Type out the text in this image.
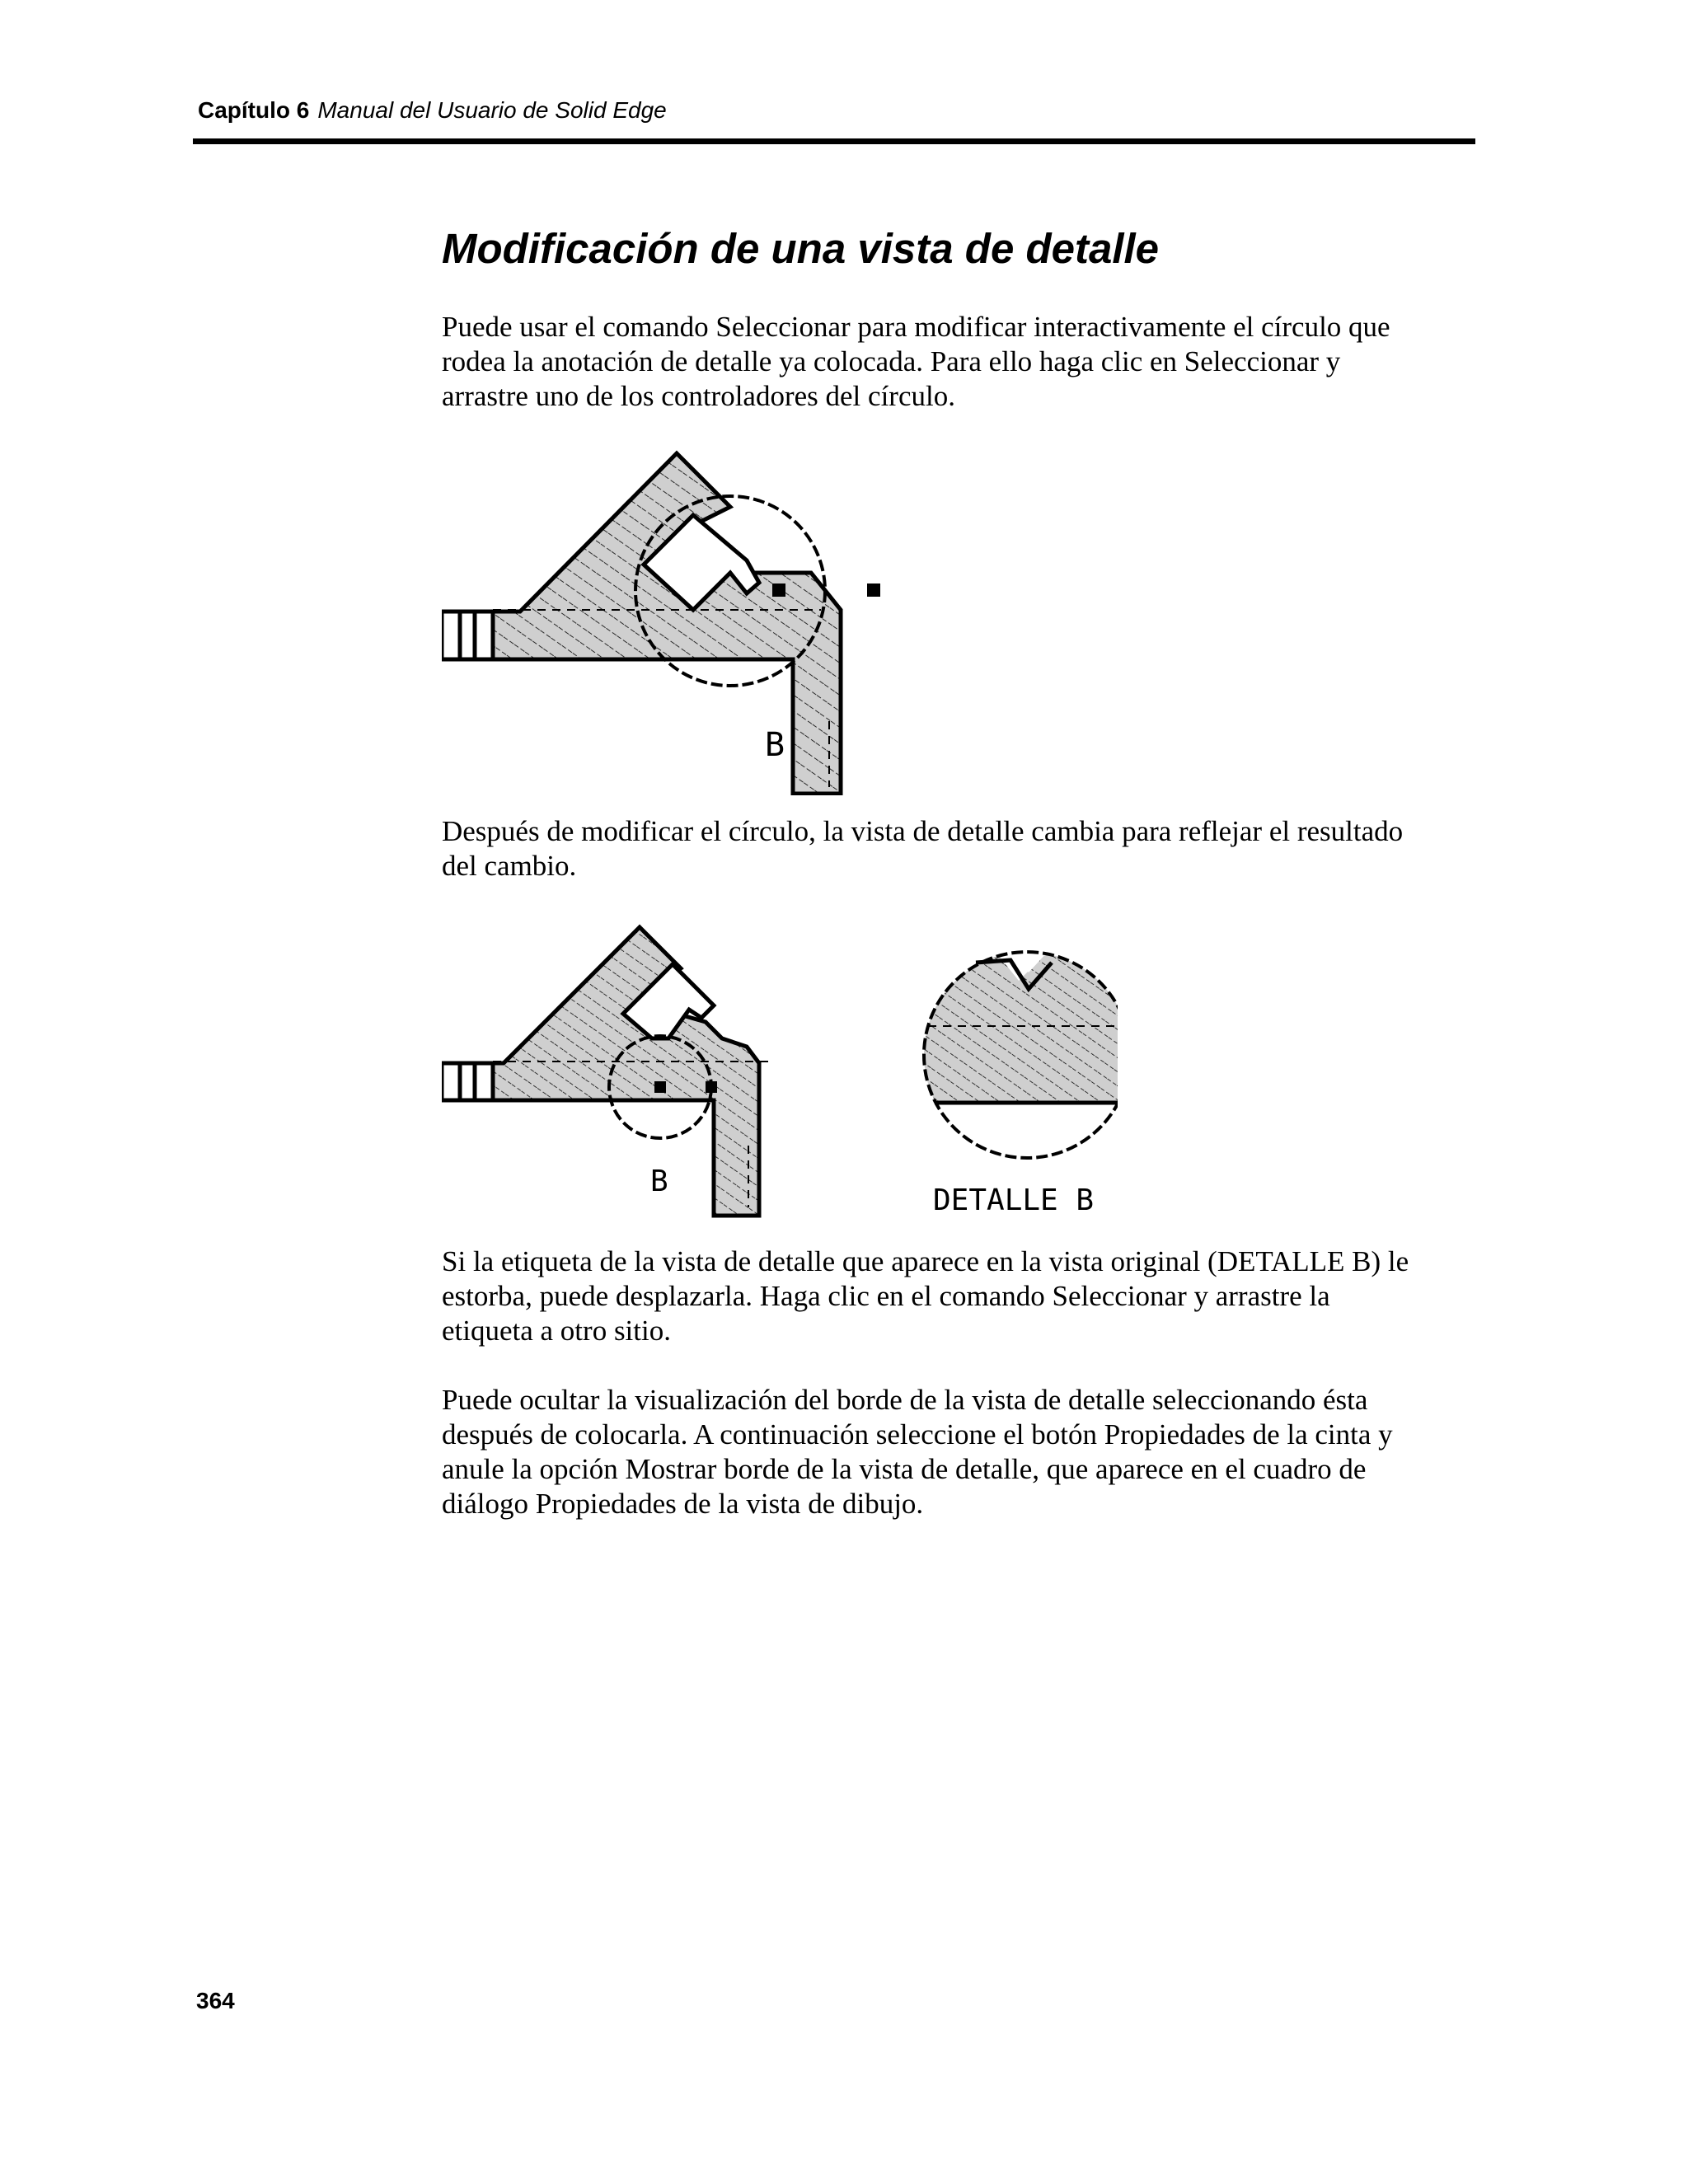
Capítulo 6 Manual del Usuario de Solid Edge
Modificación de una vista de detalle

Puede usar el comando Seleccionar para modificar interactivamente el círculo que
rodea la anotación de detalle ya colocada. Para ello haga clic en Seleccionar y
arrastre uno de los controladores del círculo.

B

Después de modificar el círculo, la vista de detalle cambia para reflejar el resultado
del cambio.

B
DETALLE B

Si la etiqueta de la vista de detalle que aparece en la vista original (DETALLE B) le
estorba, puede desplazarla. Haga clic en el comando Seleccionar y arrastre la
etiqueta a otro sitio.

Puede ocultar la visualización del borde de la vista de detalle seleccionando ésta
después de colocarla. A continuación seleccione el botón Propiedades de la cinta y
anule la opción Mostrar borde de la vista de detalle, que aparece en el cuadro de
diálogo Propiedades de la vista de dibujo.

364
